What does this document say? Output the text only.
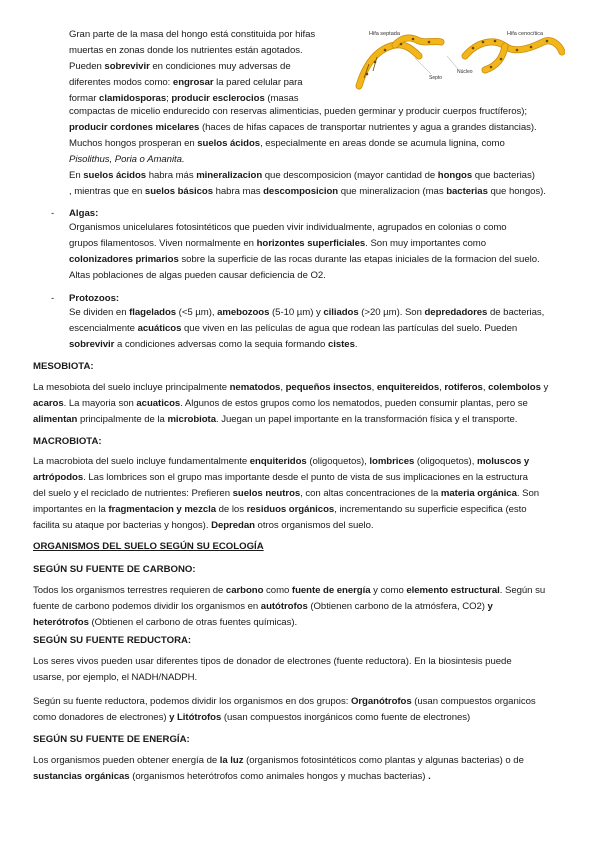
Gran parte de la masa del hongo está constituida por hifas
muertas en zonas donde los nutrientes están agotados.
Pueden sobrevivir en condiciones muy adversas de
diferentes modos como: engrosar la pared celular para
formar clamidosporas; producir esclerocios (masas
compactas de micelio endurecido con reservas alimenticias, pueden germinar y producir cuerpos fructíferos);
producir cordones micelares (haces de hifas capaces de transportar nutrientes y agua a grandes distancias).
Muchos hongos prosperan en suelos ácidos, especialmente en areas donde se acumula lignina, como
Pisolithus, Poria o Amanita.
En suelos ácidos habra más mineralizacion que descomposicion (mayor cantidad de hongos que bacterias)
, mientras que en suelos básicos habra mas descomposicion que mineralizacion (mas bacterias que hongos).
Hifa septada	Hifa cenocítica
Septo
Núcleo
- Algas:
Organismos unicelulares fotosintéticos que pueden vivir individualmente, agrupados en colonias o como
grupos filamentosos. Viven normalmente en horizontes superficiales. Son muy importantes como
colonizadores primarios sobre la superficie de las rocas durante las etapas iniciales de la formacion del suelo.
Altas poblaciones de algas pueden causar deficiencia de O2.
- Protozoos:
Se dividen en flagelados (<5 µm), amebozoos (5-10 µm) y ciliados (>20 µm). Son depredadores de bacterias,
escencialmente acuáticos que viven en las películas de agua que rodean las partículas del suelo. Pueden
sobrevivir a condiciones adversas como la sequia formando cistes.
MESOBIOTA:
La mesobiota del suelo incluye principalmente nematodos, pequeños insectos, enquitereidos, rotiferos, colembolos y
acaros. La mayoria son acuaticos. Algunos de estos grupos como los nematodos, pueden consumir plantas, pero se
alimentan principalmente de la microbiota. Juegan un papel importante en la transformación física y el transporte.
MACROBIOTA:
La macrobiota del suelo incluye fundamentalmente enquiteridos (oligoquetos), lombrices (oligoquetos), moluscos y
artrópodos. Las lombrices son el grupo mas importante desde el punto de vista de sus implicaciones en la estructura
del suelo y el reciclado de nutrientes: Prefieren suelos neutros, con altas concentraciones de la materia orgánica. Son
importantes en la fragmentacion y mezcla de los residuos orgánicos, incrementando su superficie especifica (esto
facilita su ataque por bacterias y hongos). Depredan otros organismos del suelo.
ORGANISMOS DEL SUELO SEGÚN SU ECOLOGÍA
SEGÚN SU FUENTE DE CARBONO:
Todos los organismos terrestres requieren de carbono como fuente de energía y como elemento estructural. Según su
fuente de carbono podemos dividir los organismos en autótrofos (Obtienen carbono de la atmósfera, CO2) y
heterótrofos (Obtienen el carbono de otras fuentes químicas).
SEGÚN SU FUENTE REDUCTORA:
Los seres vivos pueden usar diferentes tipos de donador de electrones (fuente reductora). En la biosintesis puede
usarse, por ejemplo, el NADH/NADPH.
Según su fuente reductora, podemos dividir los organismos en dos grupos: Organótrofos (usan compuestos organicos
como donadores de electrones) y Litótrofos (usan compuestos inorgánicos como fuente de electrones)
SEGÚN SU FUENTE DE ENERGÍA:
Los organismos pueden obtener energía de la luz (organismos fotosintéticos como plantas y algunas bacterias) o de
sustancias orgánicas (organismos heterótrofos como animales hongos y muchas bacterias) .
